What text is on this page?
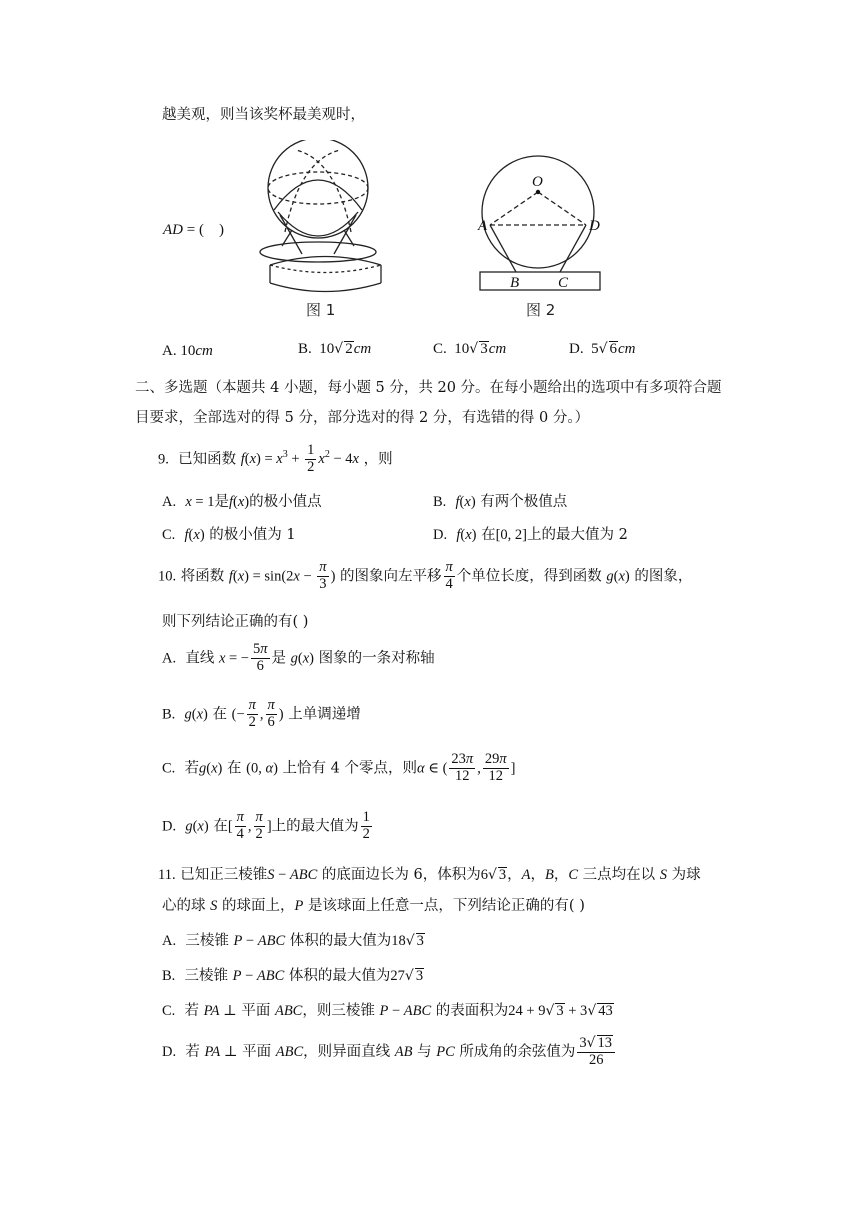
越美观，则当该奖杯最美观时，
AD = (    )
O
A	D
B	C
图 1	图 2
A. 10cm	B. 10√ 2cm	C. 10√ 3cm	D. 5√ 6cm
二、多选题（本题共 4 小题，每小题 5 分，共 20 分。在每小题给出的选项中有多项符合题
目要求，全部选对的得 5 分，部分选对的得 2 分，有选错的得 0 分。）
9. 已知函数 $f(x) = x^3 + \frac{1}{2} x^2 - 4x$ ，则
A. x = 1是f(x)的极小值点	B. f(x) 有两个极值点
C. f(x) 的极小值为 1	D. f(x) 在[0, 2]上的最大值为 2
10. 将函数 $f(x) = \sin(2x - \frac{\pi}{3}$ ) 的图象向左平移 $\frac{\pi}{4}$ 个单位长度，得到函数 g(x) 的图象，
则下列结论正确的有( )
A. 直线 x = − $\frac{5\pi}{6}$ 是 g(x) 图象的一条对称轴
B. g(x) 在 (− $\frac{\pi}{2}$ , $\frac{\pi}{6}$ ) 上单调递增
C. 若g(x) 在 (0, α) 上恰有 4 个零点，则α ∈ ( $\frac{23\pi}{12}$ , $\frac{29\pi}{12}$ ]
D. g(x) 在[ $\frac{\pi}{4}$ , $\frac{\pi}{2}$ ]上的最大值为 $\frac{1}{2}$
11. 已知正三棱锥S − ABC 的底面边长为 6，体积为6√ 3，A，B，C 三点均在以 S 为球
心的球 S 的球面上，P 是该球面上任意一点，下列结论正确的有( )
A. 三棱锥 P − ABC 体积的最大值为18√ 3
B. 三棱锥 P − ABC 体积的最大值为27√ 3
C. 若 PA ⊥ 平面 ABC，则三棱锥 P − ABC 的表面积为24 + 9√ 3 + 3√ 43
D. 若 PA ⊥ 平面 ABC，则异面直线 AB 与 PC 所成角的余弦值为 $\frac{3√ 13}{26}$
